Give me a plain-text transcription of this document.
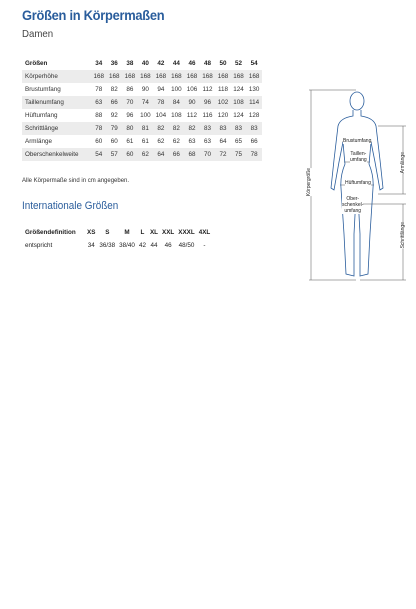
Größen in Körpermaßen
Damen
Größen	34	36	38	40	42	44	46	48	50	52	54
Körperhöhe	168	168	168	168	168	168	168	168	168	168	168
Brustumfang	78	82	86	90	94	100	106	112	118	124	130
Taillenumfang	63	66	70	74	78	84	90	96	102	108	114
Hüftumfang	88	92	96	100	104	108	112	116	120	124	128
Schrittlänge	78	79	80	81	82	82	82	83	83	83	83
Armlänge	60	60	61	61	62	62	63	63	64	65	66
Oberschenkelweite	54	57	60	62	64	66	68	70	72	75	78
Alle Körpermaße sind in cm angegeben.
Internationale Größen
Größendefinition	XS	S	M	L	XL	XXL	XXXL	4XL
entspricht	34	36/38	38/40	42	44	46	48/50	-
Körpergröße
Armlänge
Schrittlänge
Brustumfang
Taillen-
umfang
Hüftumfang
Ober-
schenkel-
umfang
